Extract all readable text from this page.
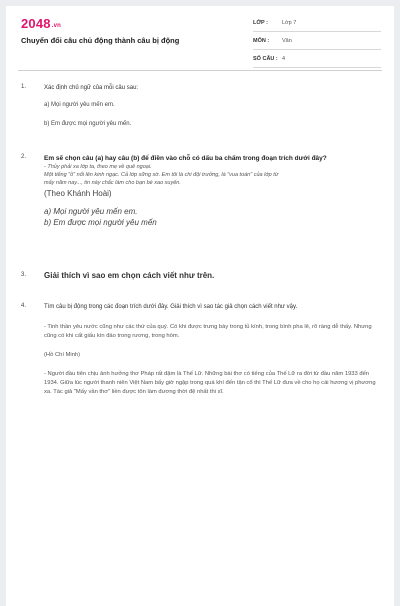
2048.vn
Chuyển đổi câu chủ động thành câu bị động
LỚP :	Lớp 7
MÔN :	Văn
SỐ CÂU : 4
1.	Xác định chủ ngữ của mỗi câu sau:
a) Mọi người yêu mến em.
b) Em được mọi người yêu mến.
2.	Em sẽ chọn câu (a) hay câu (b) để điền vào chỗ có dấu ba chấm trong đoạn trích dưới đây?
- Thủy phải xa lớp ta, theo mẹ về quê ngoại.
Một tiếng "ồ" nổi lên kinh ngạc. Cả lớp sững sờ. Em tôi là chi đội trưởng, là "vua toán" của lớp từ
mấy năm nay..., tin này chắc làm cho bạn bè xao xuyến.
(Theo Khánh Hoài)
a) Mọi người yêu mến em.
b) Em được mọi người yêu mến
3. Giải thích vì sao em chọn cách viết như trên.
4.	Tìm câu bị động trong các đoạn trích dưới đây. Giải thích vì sao tác giả chọn cách viết như vậy.
- Tinh thần yêu nước cũng như các thứ của quý. Có khi được trưng bày trong tủ kính, trong bình pha lê, rõ ràng dễ thấy. Nhưng cũng có khi cất giấu kín đáo trong rương, trong hòm.
(Hồ Chí Minh)
- Người đầu tiên chịu ảnh hưởng thơ Pháp rất đậm là Thế Lữ. Những bài thơ có tiếng của Thế Lữ ra đời từ đầu năm 1933 đến 1934. Giữa lúc người thanh niên Việt Nam bấy giờ ngập trong quá khí đến tận cổ thì Thế Lữ đưa về cho họ cái hương vị phương xa. Tác giả "Mấy vần thơ" liền được tôn làm đương thời đệ nhất thi sĩ.
